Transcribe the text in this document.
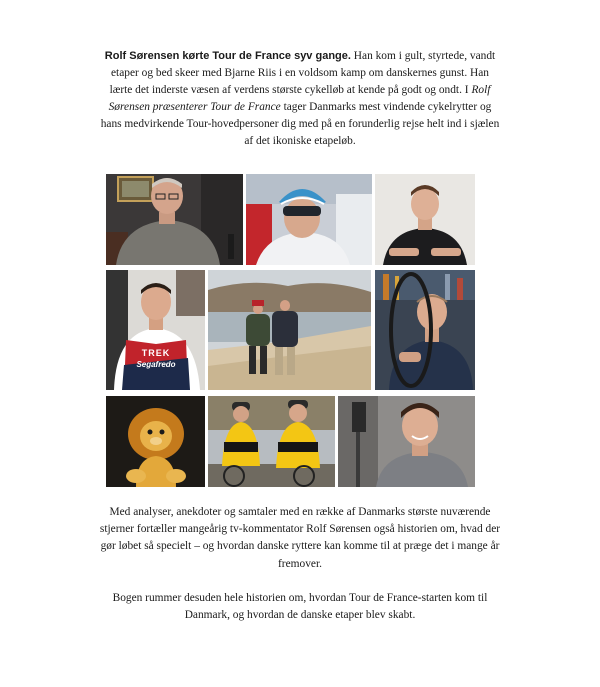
Rolf Sørensen kørte Tour de France syv gange. Han kom i gult, styrtede, vandt etaper og bed skeer med Bjarne Riis i en voldsom kamp om danskernes gunst. Han lærte det inderste væsen af verdens største cykelløb at kende på godt og ondt. I Rolf Sørensen præsenterer Tour de France tager Danmarks mest vindende cykelrytter og hans medvirkende Tour-hovedpersoner dig med på en forunderlig rejse helt ind i sjælen af det ikoniske etapeløb.
TREK
Segafredo

Med analyser, anekdoter og samtaler med en række af Danmarks største nuværende stjerner fortæller mangeårig tv-kommentator Rolf Sørensen også historien om, hvad der gør løbet så specielt – og hvordan danske ryttere kan komme til at præge det i mange år fremover.

Bogen rummer desuden hele historien om, hvordan Tour de France-starten kom til Danmark, og hvordan de danske etaper blev skabt.
